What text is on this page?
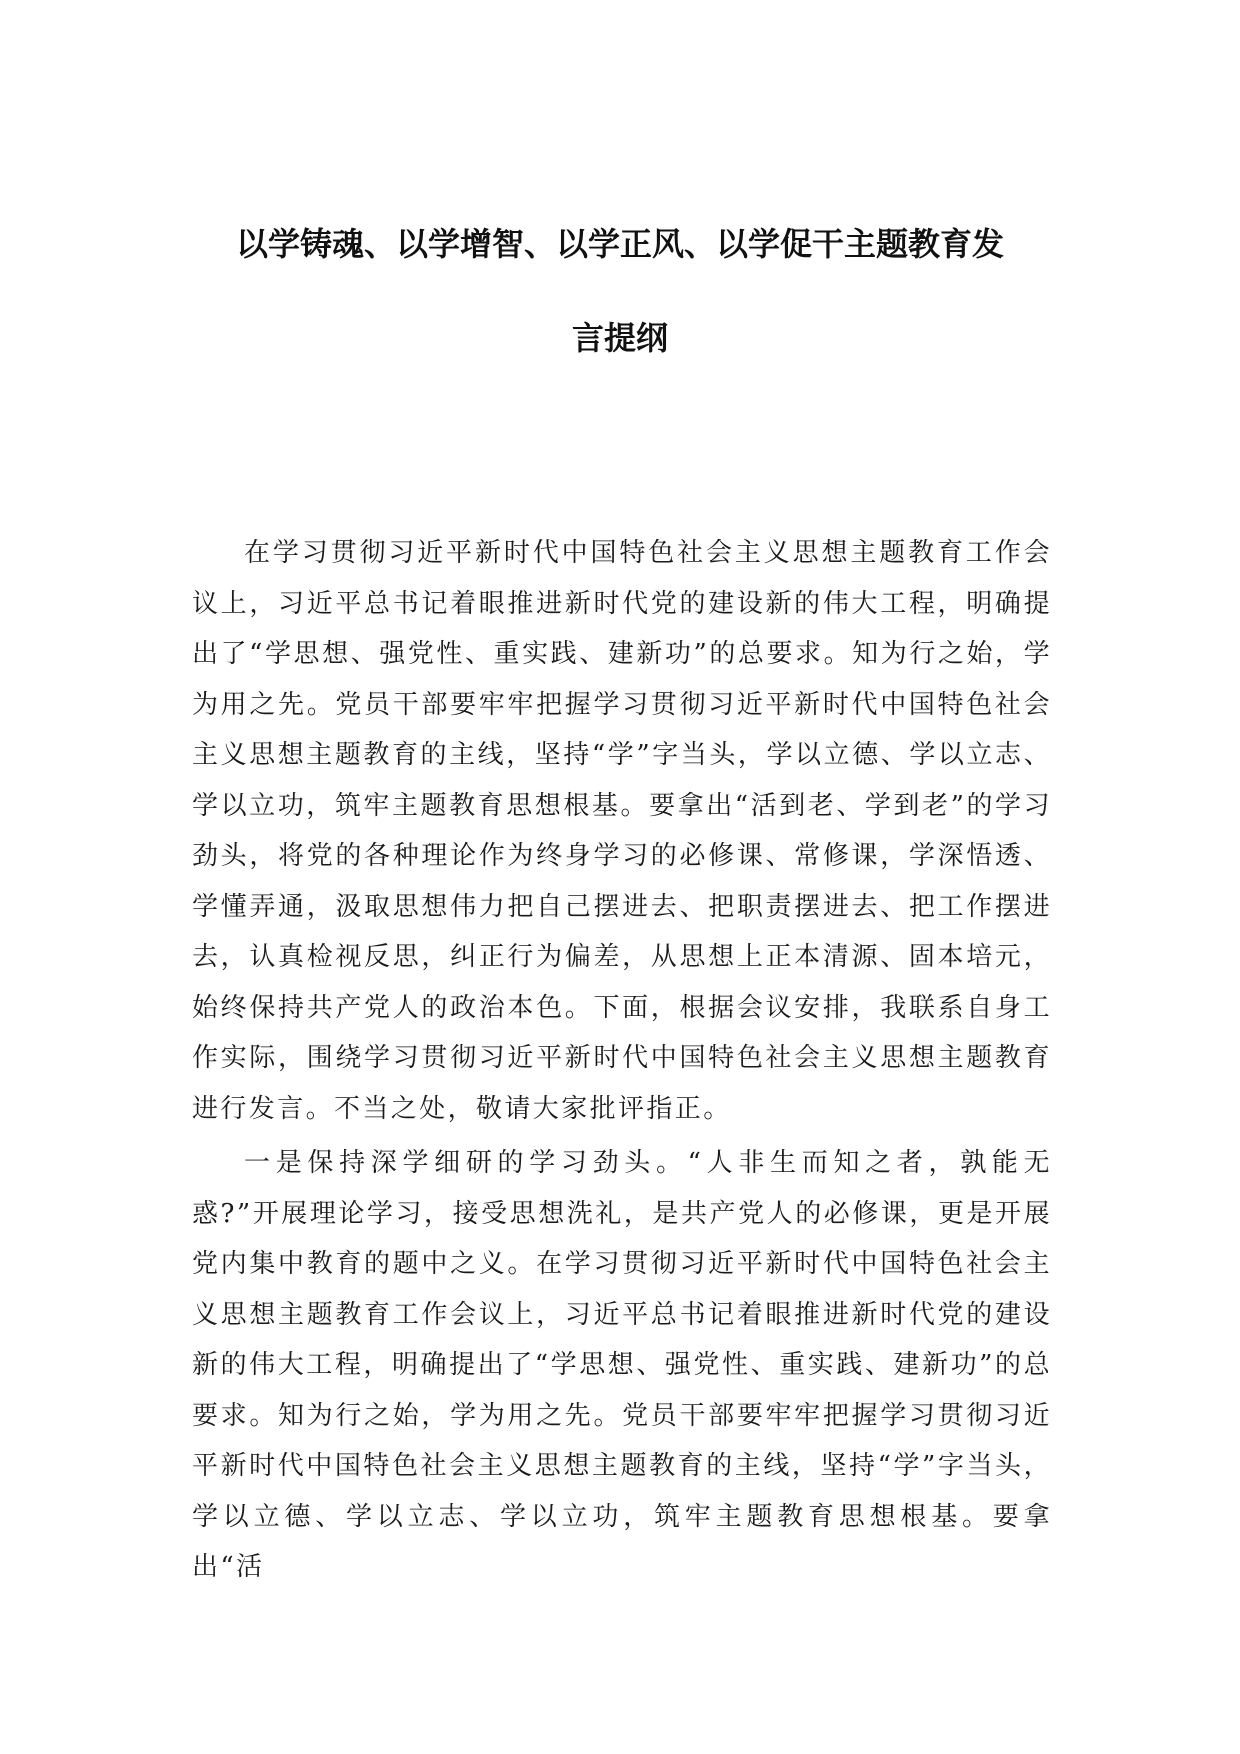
以学铸魂、以学增智、以学正风、以学促干主题教育发
言提纲

在学习贯彻习近平新时代中国特色社会主义思想主题教育工作会议上，习近平总书记着眼推进新时代党的建设新的伟大工程，明确提出了“学思想、强党性、重实践、建新功”的总要求。知为行之始，学为用之先。党员干部要牢牢把握学习贯彻习近平新时代中国特色社会主义思想主题教育的主线，坚持“学”字当头，学以立德、学以立志、学以立功，筑牢主题教育思想根基。要拿出“活到老、学到老”的学习劲头，将党的各种理论作为终身学习的必修课、常修课，学深悟透、学懂弄通，汲取思想伟力把自己摆进去、把职责摆进去、把工作摆进去，认真检视反思，纠正行为偏差，从思想上正本清源、固本培元，始终保持共产党人的政治本色。下面，根据会议安排，我联系自身工作实际，围绕学习贯彻习近平新时代中国特色社会主义思想主题教育进行发言。不当之处，敬请大家批评指正。

一是保持深学细研的学习劲头。“人非生而知之者，孰能无惑?”开展理论学习，接受思想洗礼，是共产党人的必修课，更是开展党内集中教育的题中之义。在学习贯彻习近平新时代中国特色社会主义思想主题教育工作会议上，习近平总书记着眼推进新时代党的建设新的伟大工程，明确提出了“学思想、强党性、重实践、建新功”的总要求。知为行之始，学为用之先。党员干部要牢牢把握学习贯彻习近平新时代中国特色社会主义思想主题教育的主线，坚持“学”字当头，学以立德、学以立志、学以立功，筑牢主题教育思想根基。要拿出“活
